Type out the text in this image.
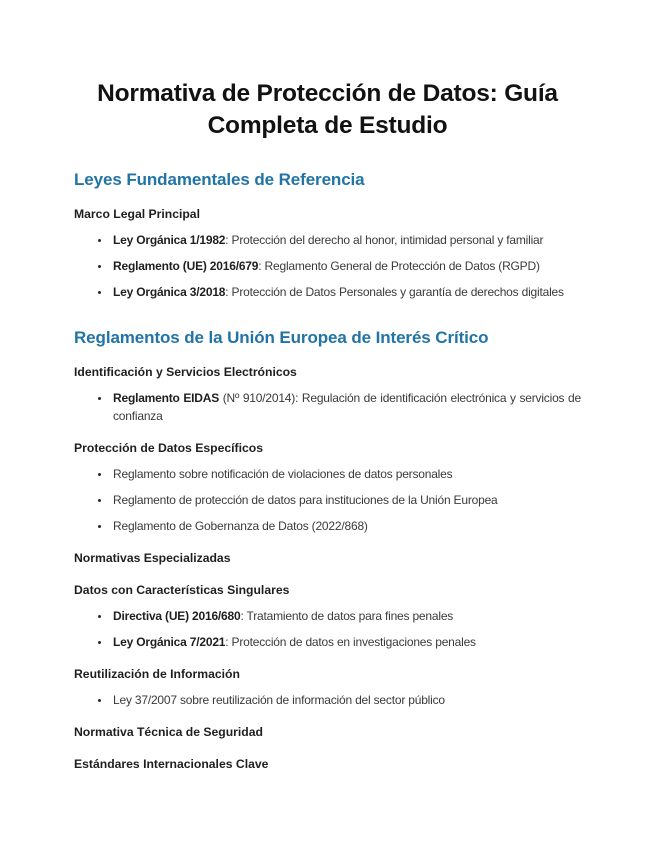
Normativa de Protección de Datos: Guía Completa de Estudio
Leyes Fundamentales de Referencia

Marco Legal Principal

• Ley Orgánica 1/1982: Protección del derecho al honor, intimidad personal y familiar
• Reglamento (UE) 2016/679: Reglamento General de Protección de Datos (RGPD)
• Ley Orgánica 3/2018: Protección de Datos Personales y garantía de derechos digitales
Reglamentos de la Unión Europea de Interés Crítico

Identificación y Servicios Electrónicos

• Reglamento EIDAS (Nº 910/2014): Regulación de identificación electrónica y servicios de confianza

Protección de Datos Específicos

• Reglamento sobre notificación de violaciones de datos personales
• Reglamento de protección de datos para instituciones de la Unión Europea
• Reglamento de Gobernanza de Datos (2022/868)

Normativas Especializadas

Datos con Características Singulares

• Directiva (UE) 2016/680: Tratamiento de datos para fines penales
• Ley Orgánica 7/2021: Protección de datos en investigaciones penales

Reutilización de Información

• Ley 37/2007 sobre reutilización de información del sector público

Normativa Técnica de Seguridad

Estándares Internacionales Clave
